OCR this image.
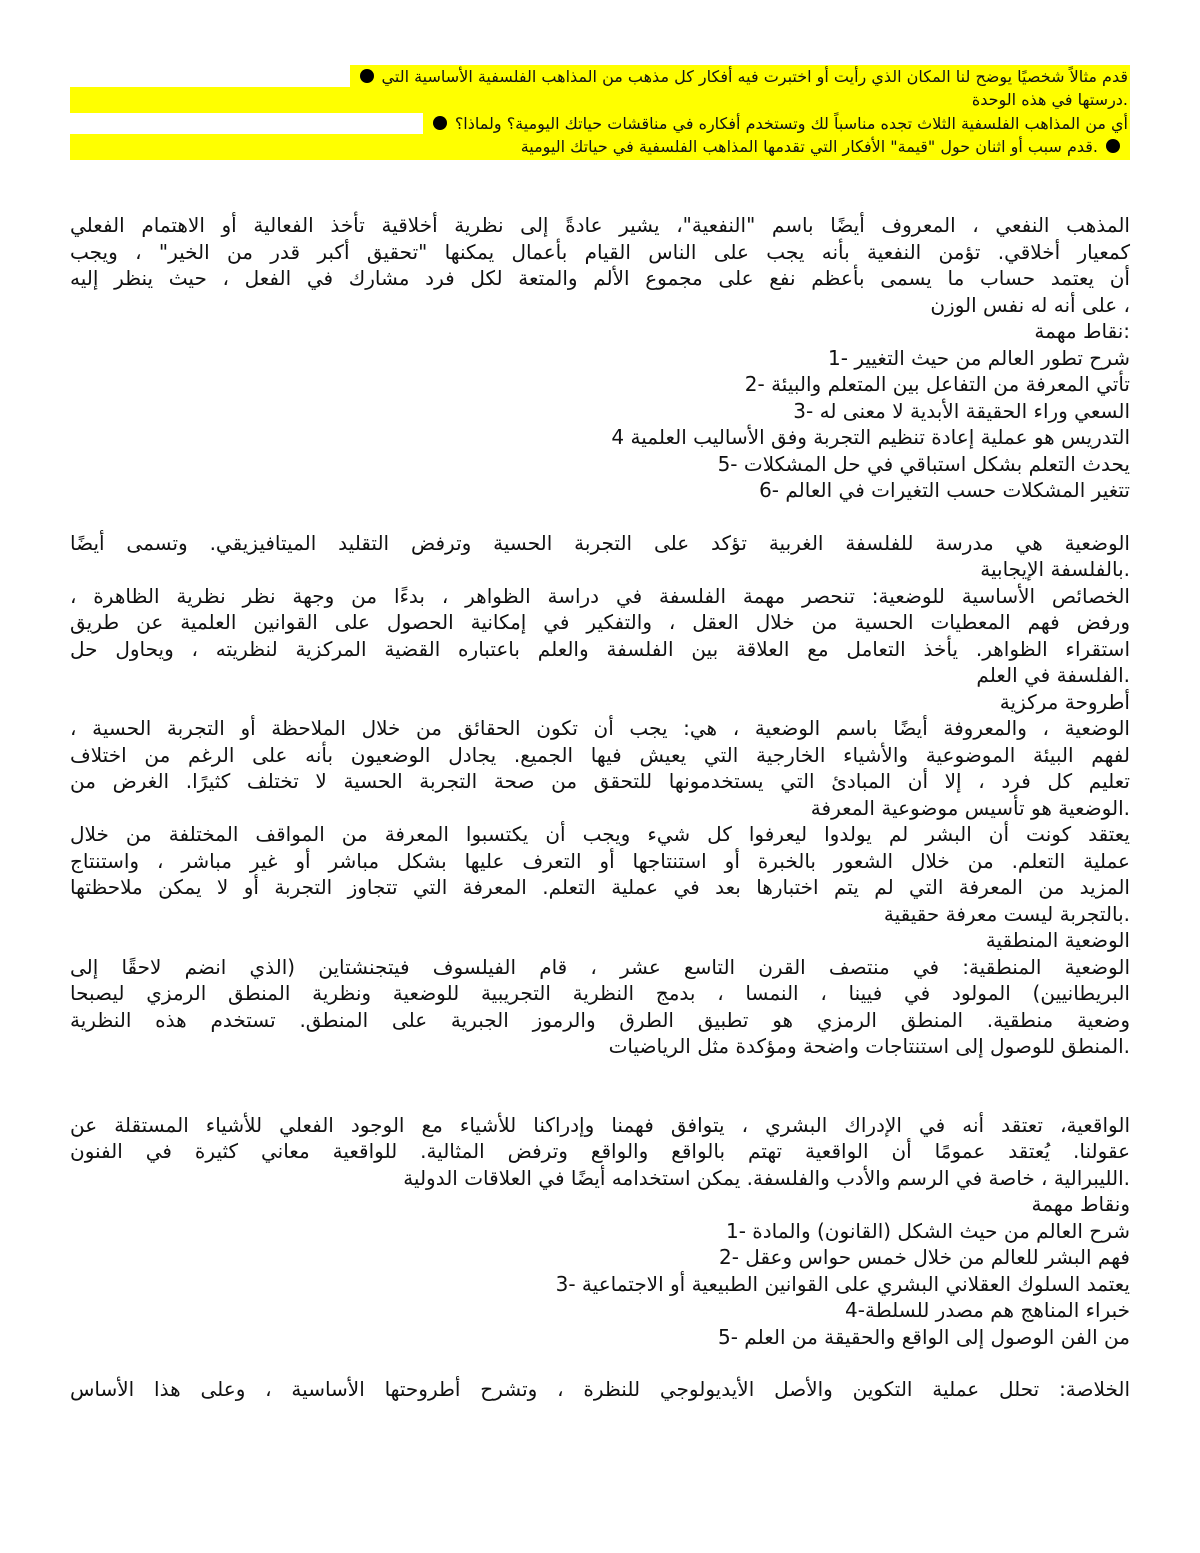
قدم مثالاً شخصيًا يوضح لنا المكان الذي رأيت أو اختبرت فيه أفكار كل مذهب من المذاهب الفلسفية الأساسية التي
.درستها في هذه الوحدة
أي من المذاهب الفلسفية الثلاث تجده مناسباً لك وتستخدم أفكاره في مناقشات حياتك اليومية؟ ولماذا؟
.قدم سبب أو اثنان حول "قيمة" الأفكار التي تقدمها المذاهب الفلسفية في حياتك اليومية
المذهب النفعي ، المعروف أيضًا باسم "النفعية"، يشير عادةً إلى نظرية أخلاقية تأخذ الفعالية أو الاهتمام الفعلي
كمعيار أخلاقي. تؤمن النفعية بأنه يجب على الناس القيام بأعمال يمكنها "تحقيق أكبر قدر من الخير" ، ويجب
أن يعتمد حساب ما يسمى بأعظم نفع على مجموع الألم والمتعة لكل فرد مشارك في الفعل ، حيث ينظر إليه
، على أنه له نفس الوزن
:نقاط مهمة
شرح تطور العالم من حيث التغيير -1
تأتي المعرفة من التفاعل بين المتعلم والبيئة -2
السعي وراء الحقيقة الأبدية لا معنى له -3
التدريس هو عملية إعادة تنظيم التجربة وفق الأساليب العلمية 4
يحدث التعلم بشكل استباقي في حل المشكلات -5
تتغير المشكلات حسب التغيرات في العالم -6
الوضعية هي مدرسة للفلسفة الغربية تؤكد على التجربة الحسية وترفض التقليد الميتافيزيقي. وتسمى أيضًا
.بالفلسفة الإيجابية
الخصائص الأساسية للوضعية: تنحصر مهمة الفلسفة في دراسة الظواهر ، بدءًا من وجهة نظر نظرية الظاهرة ،
ورفض فهم المعطيات الحسية من خلال العقل ، والتفكير في إمكانية الحصول على القوانين العلمية عن طريق
استقراء الظواهر. يأخذ التعامل مع العلاقة بين الفلسفة والعلم باعتباره القضية المركزية لنظريته ، ويحاول حل
.الفلسفة في العلم
أطروحة مركزية
الوضعية ، والمعروفة أيضًا باسم الوضعية ، هي: يجب أن تكون الحقائق من خلال الملاحظة أو التجربة الحسية ،
لفهم البيئة الموضوعية والأشياء الخارجية التي يعيش فيها الجميع. يجادل الوضعيون بأنه على الرغم من اختلاف
تعليم كل فرد ، إلا أن المبادئ التي يستخدمونها للتحقق من صحة التجربة الحسية لا تختلف كثيرًا. الغرض من
.الوضعية هو تأسيس موضوعية المعرفة
يعتقد كونت أن البشر لم يولدوا ليعرفوا كل شيء ويجب أن يكتسبوا المعرفة من المواقف المختلفة من خلال
عملية التعلم. من خلال الشعور بالخبرة أو استنتاجها أو التعرف عليها بشكل مباشر أو غير مباشر ، واستنتاج
المزيد من المعرفة التي لم يتم اختبارها بعد في عملية التعلم. المعرفة التي تتجاوز التجربة أو لا يمكن ملاحظتها
.بالتجربة ليست معرفة حقيقية
الوضعية المنطقية
الوضعية المنطقية: في منتصف القرن التاسع عشر ، قام الفيلسوف فيتجنشتاين (الذي انضم لاحقًا إلى
البريطانيين) المولود في فيينا ، النمسا ، بدمج النظرية التجريبية للوضعية ونظرية المنطق الرمزي ليصبحا
وضعية منطقية. المنطق الرمزي هو تطبيق الطرق والرموز الجبرية على المنطق. تستخدم هذه النظرية
.المنطق للوصول إلى استنتاجات واضحة ومؤكدة مثل الرياضيات
الواقعية، تعتقد أنه في الإدراك البشري ، يتوافق فهمنا وإدراكنا للأشياء مع الوجود الفعلي للأشياء المستقلة عن
عقولنا. يُعتقد عمومًا أن الواقعية تهتم بالواقع والواقع وترفض المثالية. للواقعية معاني كثيرة في الفنون
.الليبرالية ، خاصة في الرسم والأدب والفلسفة. يمكن استخدامه أيضًا في العلاقات الدولية
ونقاط مهمة
شرح العالم من حيث الشكل (القانون) والمادة -1
فهم البشر للعالم من خلال خمس حواس وعقل -2
يعتمد السلوك العقلاني البشري على القوانين الطبيعية أو الاجتماعية -3
خبراء المناهج هم مصدر للسلطة-4
من الفن الوصول إلى الواقع والحقيقة من العلم -5
الخلاصة: تحلل عملية التكوين والأصل الأيديولوجي للنظرة ، وتشرح أطروحتها الأساسية ، وعلى هذا الأساس
